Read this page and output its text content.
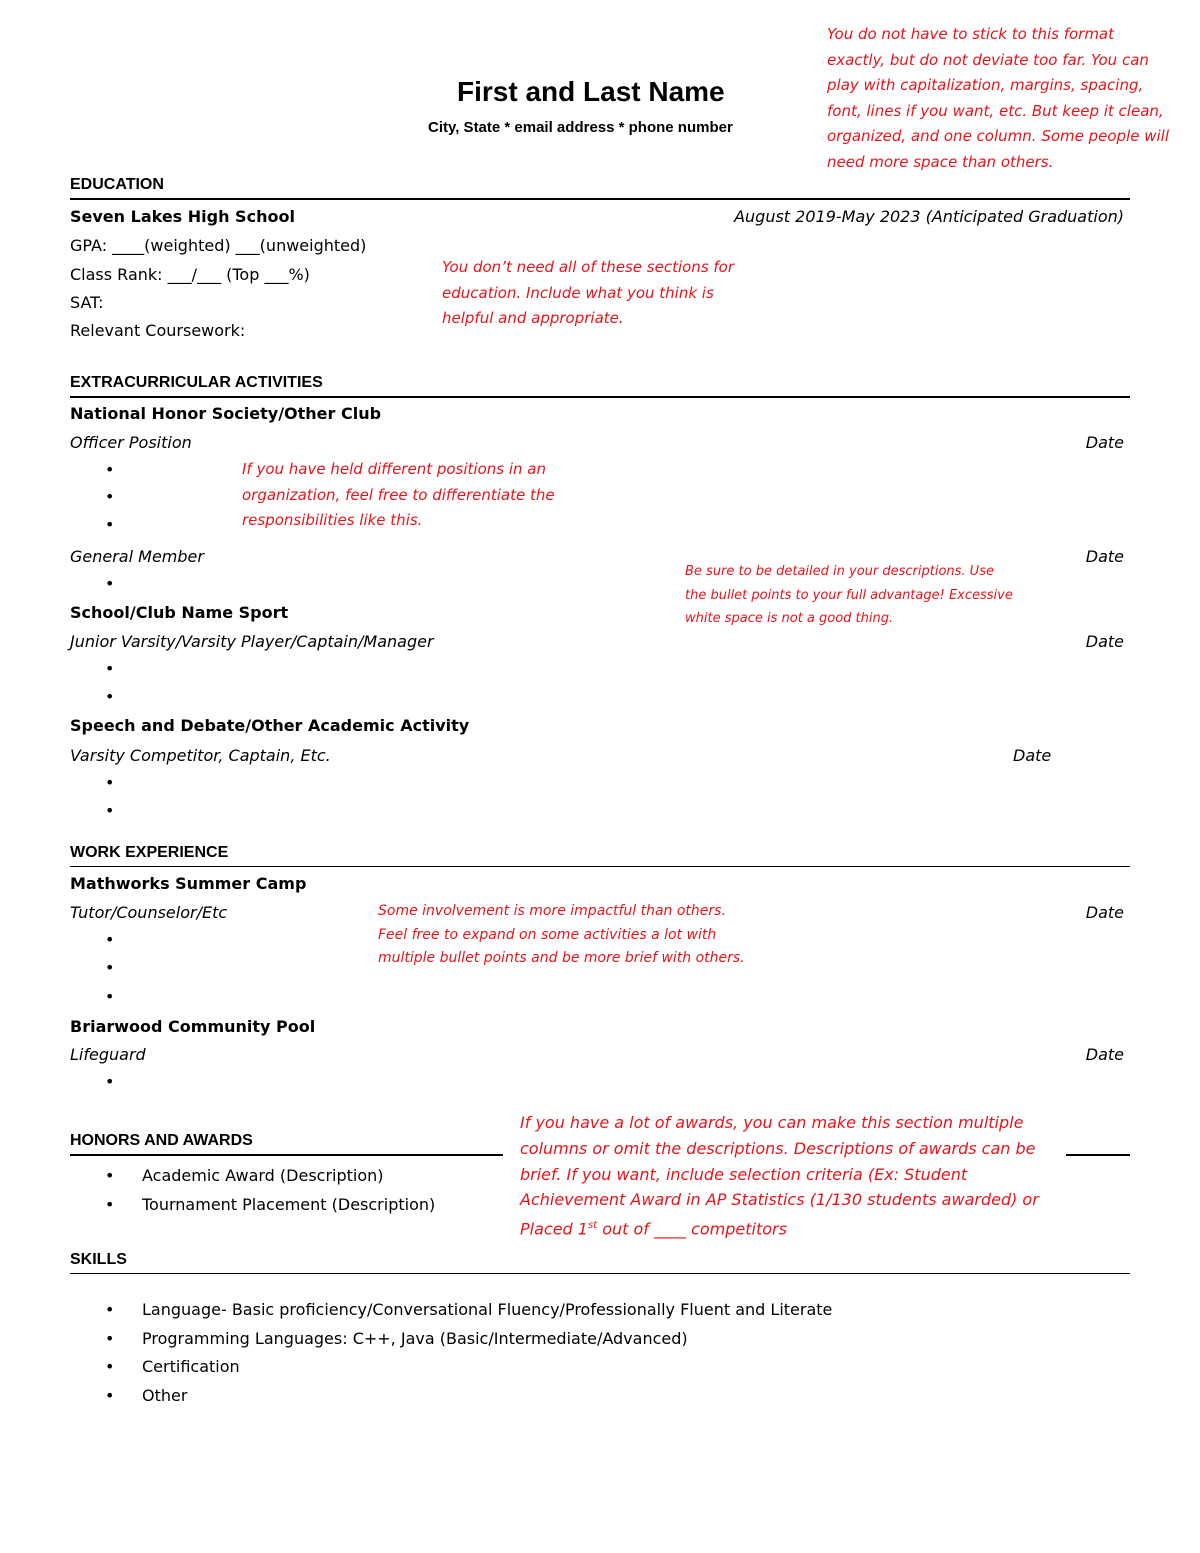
First and Last Name
City, State * email address * phone number
You do not have to stick to this format exactly, but do not deviate too far. You can play with capitalization, margins, spacing, font, lines if you want, etc. But keep it clean, organized, and one column. Some people will need more space than others.
EDUCATION
Seven Lakes High School	August 2019-May 2023 (Anticipated Graduation)
GPA: ____(weighted) ___(unweighted)
Class Rank: ___/___ (Top ___%)
SAT:
Relevant Coursework:
You don’t need all of these sections for education. Include what you think is helpful and appropriate.
EXTRACURRICULAR ACTIVITIES
National Honor Society/Other Club
Officer Position	Date
•
•
•
If you have held different positions in an organization, feel free to differentiate the responsibilities like this.
General Member	Date
•
Be sure to be detailed in your descriptions. Use the bullet points to your full advantage! Excessive white space is not a good thing.
School/Club Name Sport
Junior Varsity/Varsity Player/Captain/Manager	Date
•
•
Speech and Debate/Other Academic Activity
Varsity Competitor, Captain, Etc.	Date
•
•
WORK EXPERIENCE
Mathworks Summer Camp
Tutor/Counselor/Etc	Date
•
•
•
Some involvement is more impactful than others. Feel free to expand on some activities a lot with multiple bullet points and be more brief with others.
Briarwood Community Pool
Lifeguard	Date
•
HONORS AND AWARDS
• Academic Award (Description)
• Tournament Placement (Description)
If you have a lot of awards, you can make this section multiple columns or omit the descriptions. Descriptions of awards can be brief. If you want, include selection criteria (Ex: Student Achievement Award in AP Statistics (1/130 students awarded) or Placed 1st out of ____ competitors
SKILLS
• Language- Basic proficiency/Conversational Fluency/Professionally Fluent and Literate
• Programming Languages: C++, Java (Basic/Intermediate/Advanced)
• Certification
• Other
